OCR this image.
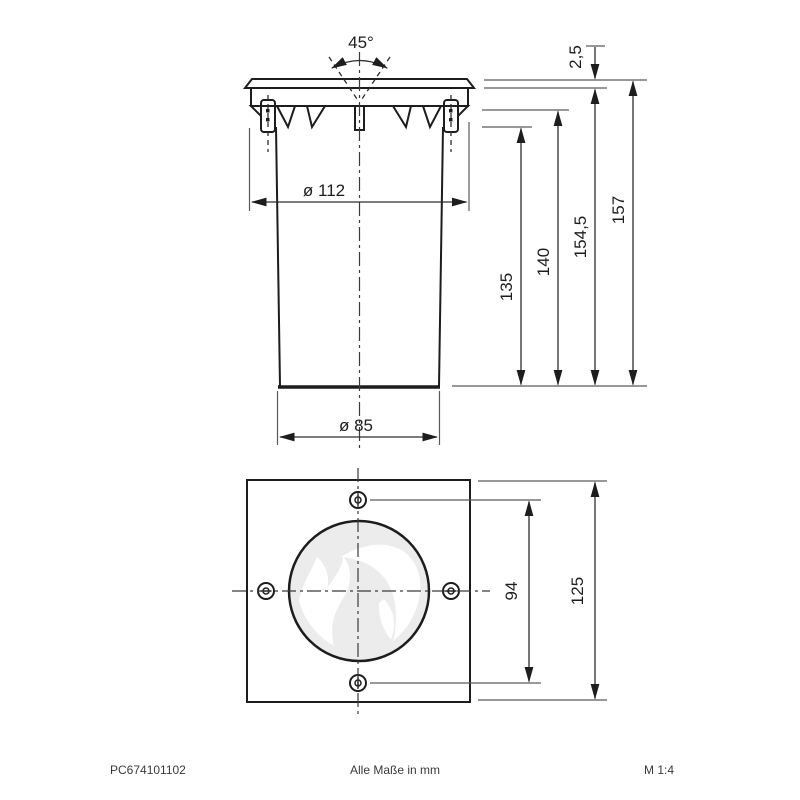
45°
ø 112
ø 85
135
140
154,5
157
2,5
94	125
PC674101102	Alle Maße in mm	M 1:4
